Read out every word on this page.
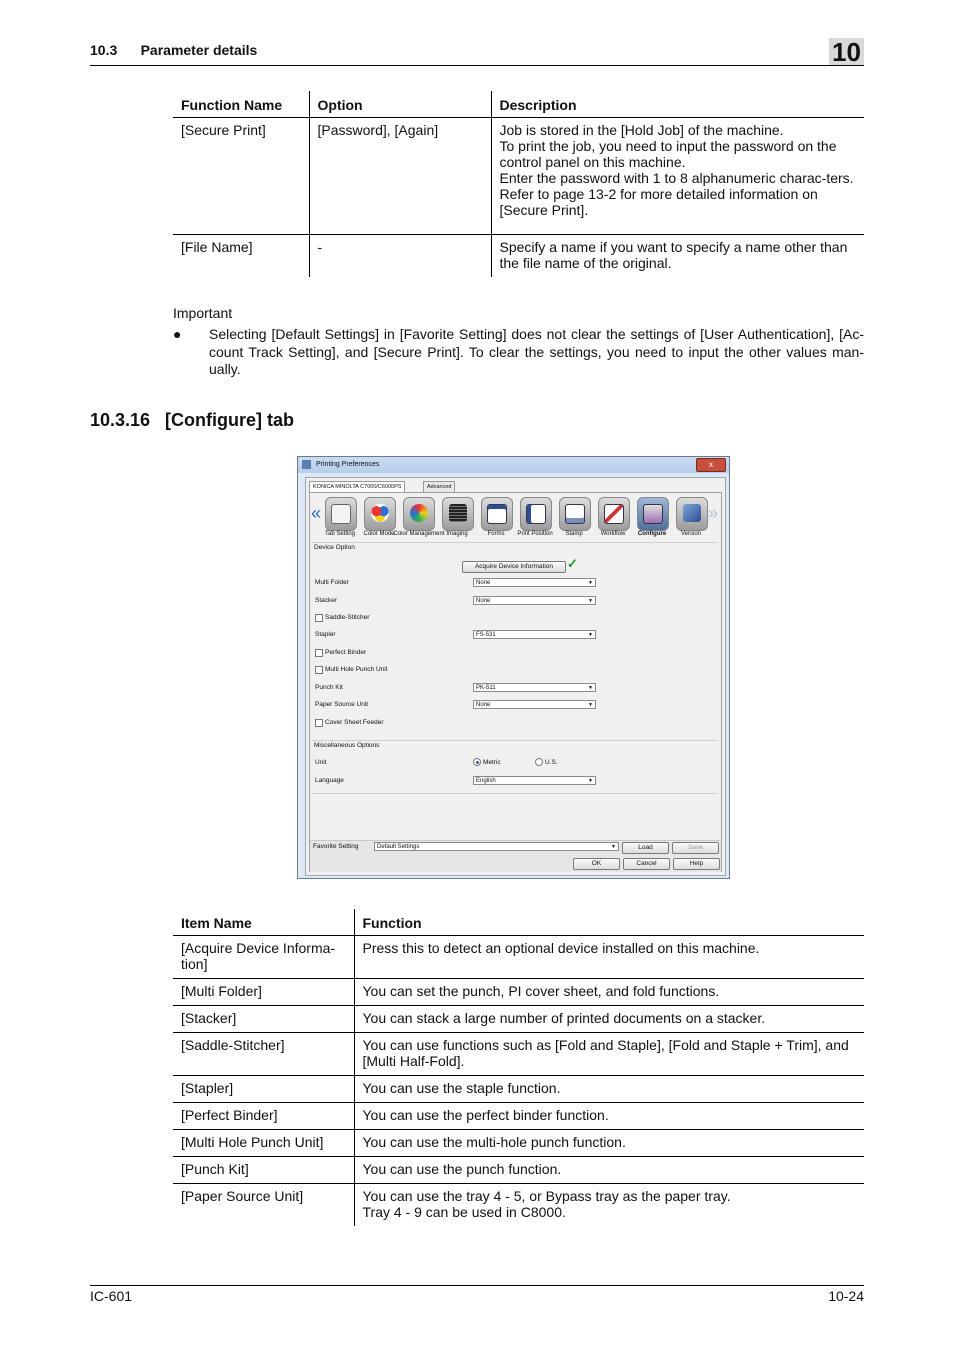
10.3      Parameter details	10
Function Name	Option	Description
[Secure Print]	[Password], [Again]	Job is stored in the [Hold Job] of the machine.
To print the job, you need to input the password on the control panel on this machine.
Enter the password with 1 to 8 alphanumeric charac-ters.
Refer to page 13-2 for more detailed information on [Secure Print].
[File Name]	-	Specify a name if you want to specify a name other than the file name of the original.
Important
● Selecting [Default Settings] in [Favorite Setting] does not clear the settings of [User Authentication], [Ac-count Track Setting], and [Secure Print]. To clear the settings, you need to input the other values man-ually.
10.3.16   [Configure] tab
Printing Preferences	x
KONICA MINOLTA C7000/C6000PS	Advanced
«	»
Tab Setting	Color Mode
Color Management Imaging	Forms	Print Position	Stamp	Workflow	Configure	Version
Device Option
Acquire Device Information	✓
Multi Folder	None	▼
Stacker	None	▼
Saddle-Stitcher
Stapler	FS-531	▼
Perfect Binder
Multi Hole Punch Unit
Punch Kit	PK-511	▼
Paper Source Unit	None	▼
Cover Sheet Feeder
Miscellaneous Options
Unit	Metric	U.S.
Language	English	▼
Favorite Setting	Default Settings	▼	Load	Save
OK	Cancel	Help
Item Name	Function
[Acquire Device Informa-tion]	Press this to detect an optional device installed on this machine.
[Multi Folder]	You can set the punch, PI cover sheet, and fold functions.
[Stacker]	You can stack a large number of printed documents on a stacker.
[Saddle-Stitcher]	You can use functions such as [Fold and Staple], [Fold and Staple + Trim], and [Multi Half-Fold].
[Stapler]	You can use the staple function.
[Perfect Binder]	You can use the perfect binder function.
[Multi Hole Punch Unit]	You can use the multi-hole punch function.
[Punch Kit]	You can use the punch function.
[Paper Source Unit]	You can use the tray 4 - 5, or Bypass tray as the paper tray.
Tray 4 - 9 can be used in C8000.
IC-601	10-24
